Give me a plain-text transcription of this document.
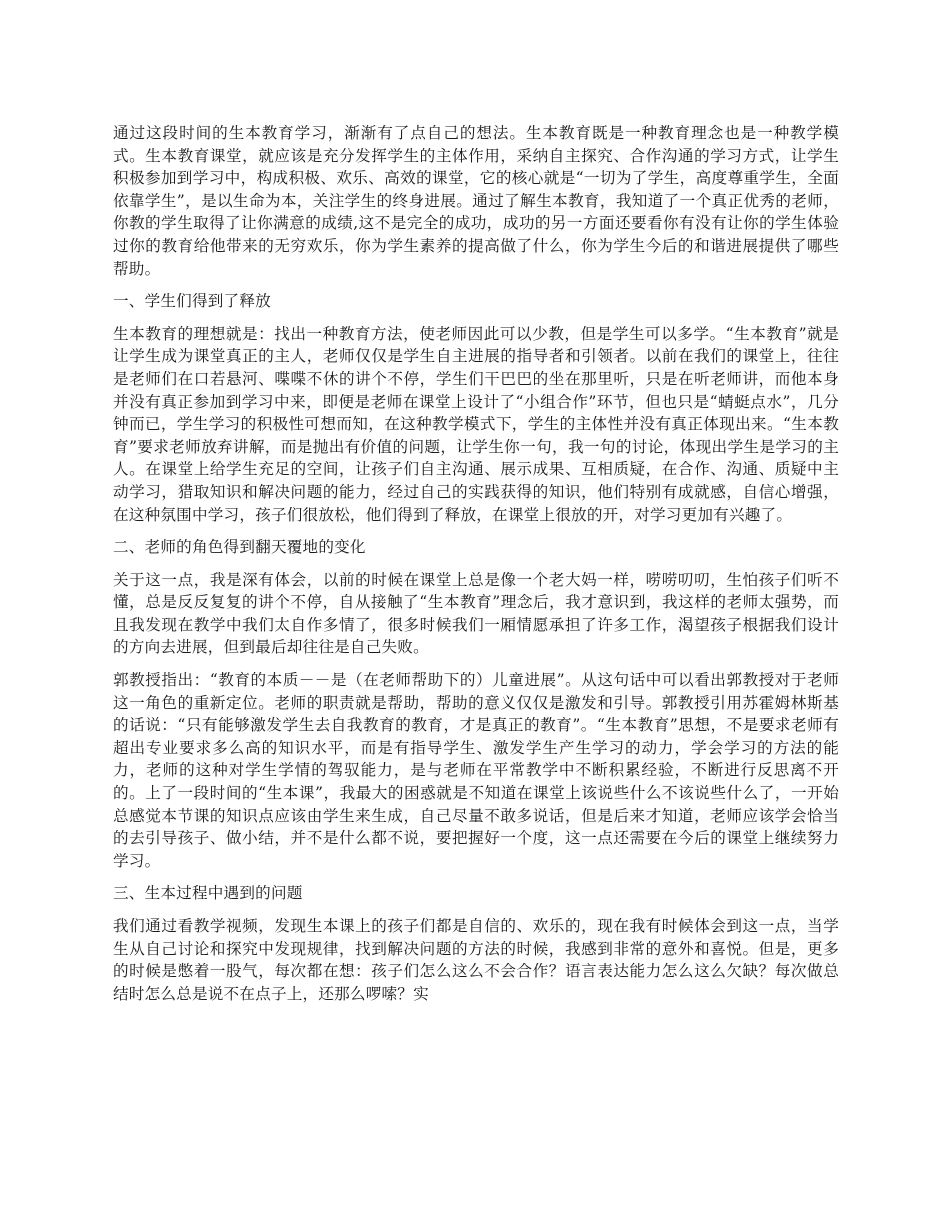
通过这段时间的生本教育学习，渐渐有了点自己的想法。生本教育既是一种教育理念也是一种教学模式。生本教育课堂，就应该是充分发挥学生的主体作用，采纳自主探究、合作沟通的学习方式，让学生积极参加到学习中，构成积极、欢乐、高效的课堂，它的核心就是“一切为了学生，高度尊重学生，全面依靠学生”，是以生命为本，关注学生的终身进展。通过了解生本教育，我知道了一个真正优秀的老师，你教的学生取得了让你满意的成绩,这不是完全的成功，成功的另一方面还要看你有没有让你的学生体验过你的教育给他带来的无穷欢乐，你为学生素养的提高做了什么，你为学生今后的和谐进展提供了哪些帮助。

一、学生们得到了释放

生本教育的理想就是：找出一种教育方法，使老师因此可以少教，但是学生可以多学。“生本教育”就是让学生成为课堂真正的主人，老师仅仅是学生自主进展的指导者和引领者。以前在我们的课堂上，往往是老师们在口若悬河、喋喋不休的讲个不停，学生们干巴巴的坐在那里听，只是在听老师讲，而他本身并没有真正参加到学习中来，即便是老师在课堂上设计了“小组合作”环节，但也只是“蜻蜓点水”，几分钟而已，学生学习的积极性可想而知，在这种教学模式下，学生的主体性并没有真正体现出来。“生本教育”要求老师放弃讲解，而是抛出有价值的问题，让学生你一句，我一句的讨论，体现出学生是学习的主人。在课堂上给学生充足的空间，让孩子们自主沟通、展示成果、互相质疑，在合作、沟通、质疑中主动学习，猎取知识和解决问题的能力，经过自己的实践获得的知识，他们特别有成就感，自信心增强，在这种氛围中学习，孩子们很放松，他们得到了释放，在课堂上很放的开，对学习更加有兴趣了。

二、老师的角色得到翻天覆地的变化

关于这一点，我是深有体会，以前的时候在课堂上总是像一个老大妈一样，唠唠叨叨，生怕孩子们听不懂，总是反反复复的讲个不停，自从接触了“生本教育”理念后，我才意识到，我这样的老师太强势，而且我发现在教学中我们太自作多情了，很多时候我们一厢情愿承担了许多工作，渴望孩子根据我们设计的方向去进展，但到最后却往往是自己失败。

郭教授指出：“教育的本质－－是（在老师帮助下的）儿童进展”。从这句话中可以看出郭教授对于老师这一角色的重新定位。老师的职责就是帮助，帮助的意义仅仅是激发和引导。郭教授引用苏霍姆林斯基的话说：“只有能够激发学生去自我教育的教育，才是真正的教育”。“生本教育”思想，不是要求老师有超出专业要求多么高的知识水平，而是有指导学生、激发学生产生学习的动力，学会学习的方法的能力，老师的这种对学生学情的驾驭能力，是与老师在平常教学中不断积累经验，不断进行反思离不开的。上了一段时间的“生本课”，我最大的困惑就是不知道在课堂上该说些什么不该说些什么了，一开始总感觉本节课的知识点应该由学生来生成，自己尽量不敢多说话，但是后来才知道，老师应该学会恰当的去引导孩子、做小结，并不是什么都不说，要把握好一个度，这一点还需要在今后的课堂上继续努力学习。

三、生本过程中遇到的问题

我们通过看教学视频，发现生本课上的孩子们都是自信的、欢乐的，现在我有时候体会到这一点，当学生从自己讨论和探究中发现规律，找到解决问题的方法的时候，我感到非常的意外和喜悦。但是，更多的时候是憋着一股气，每次都在想：孩子们怎么这么不会合作？语言表达能力怎么这么欠缺？每次做总结时怎么总是说不在点子上，还那么啰嗦？实
